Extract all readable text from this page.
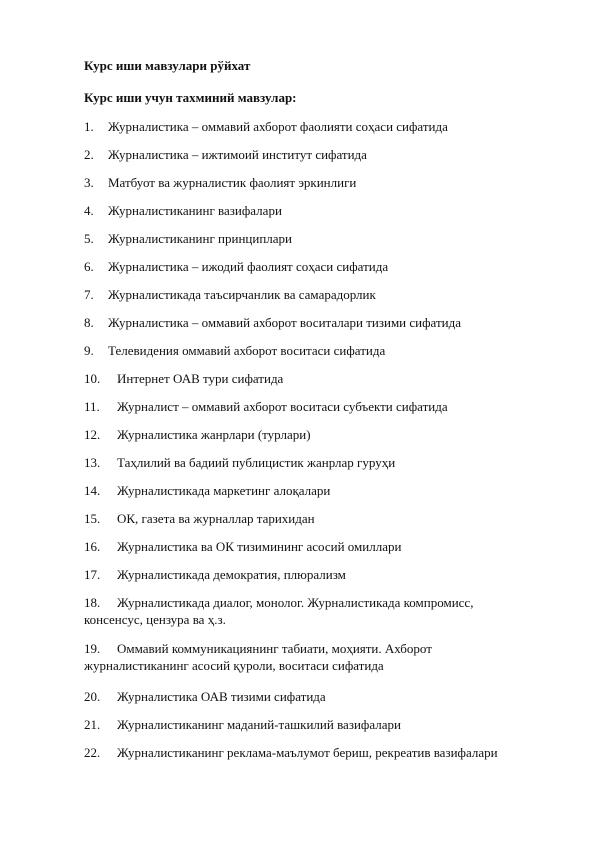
Курс иши мавзулари рўйхат
Курс иши учун тахминий мавзулар:
1. Журналистика – оммавий ахборот фаолияти соҳаси сифатида
2. Журналистика – ижтимоий институт сифатида
3. Матбуот ва журналистик фаолият эркинлиги
4. Журналистиканинг вазифалари
5. Журналистиканинг принциплари
6. Журналистика – ижодий фаолият соҳаси сифатида
7. Журналистикада таъсирчанлик ва самарадорлик
8. Журналистика – оммавий ахборот воситалари тизими сифатида
9. Телевидения оммавий ахборот воситаси сифатида
10. Интернет ОАВ тури сифатида
11. Журналист – оммавий ахборот воситаси субъекти сифатида
12. Журналистика жанрлари (турлари)
13. Таҳлилий ва бадиий публицистик жанрлар гуруҳи
14. Журналистикада маркетинг алоқалари
15. ОК, газета ва журналлар тарихидан
16. Журналистика ва ОК тизимининг асосий омиллари
17. Журналистикада демократия, плюрализм
18. Журналистикада диалог, монолог. Журналистикада компромисс, консенсус, цензура ва ҳ.з.
19. Оммавий коммуникациянинг табиати, моҳияти. Ахборот журналистиканинг асосий қуроли, воситаси сифатида
20. Журналистика ОАВ тизими сифатида
21. Журналистиканинг маданий-ташкилий вазифалари
22. Журналистиканинг реклама-маълумот бериш, рекреатив вазифалари
